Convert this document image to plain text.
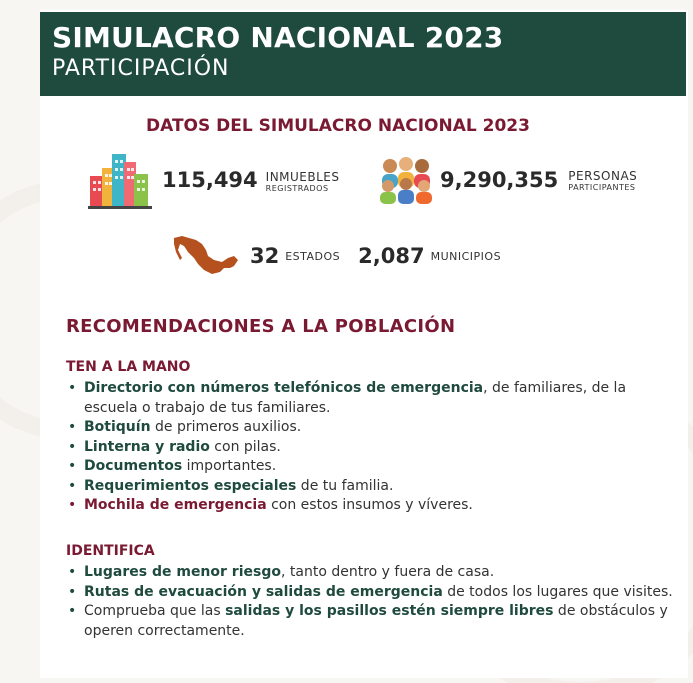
SIMULACRO NACIONAL 2023
PARTICIPACIÓN
DATOS DEL SIMULACRO NACIONAL 2023
115,494 INMUEBLES
REGISTRADOS	9,290,355 PERSONAS
PARTICIPANTES
32 ESTADOS 2,087 MUNICIPIOS
RECOMENDACIONES A LA POBLACIÓN
TEN A LA MANO
• Directorio con números telefónicos de emergencia, de familiares, de la escuela o trabajo de tus familiares.
• Botiquín de primeros auxilios.
• Linterna y radio con pilas.
• Documentos importantes.
• Requerimientos especiales de tu familia.
• Mochila de emergencia con estos insumos y víveres.
IDENTIFICA
• Lugares de menor riesgo, tanto dentro y fuera de casa.
• Rutas de evacuación y salidas de emergencia de todos los lugares que visites.
• Comprueba que las salidas y los pasillos estén siempre libres de obstáculos y operen correctamente.
